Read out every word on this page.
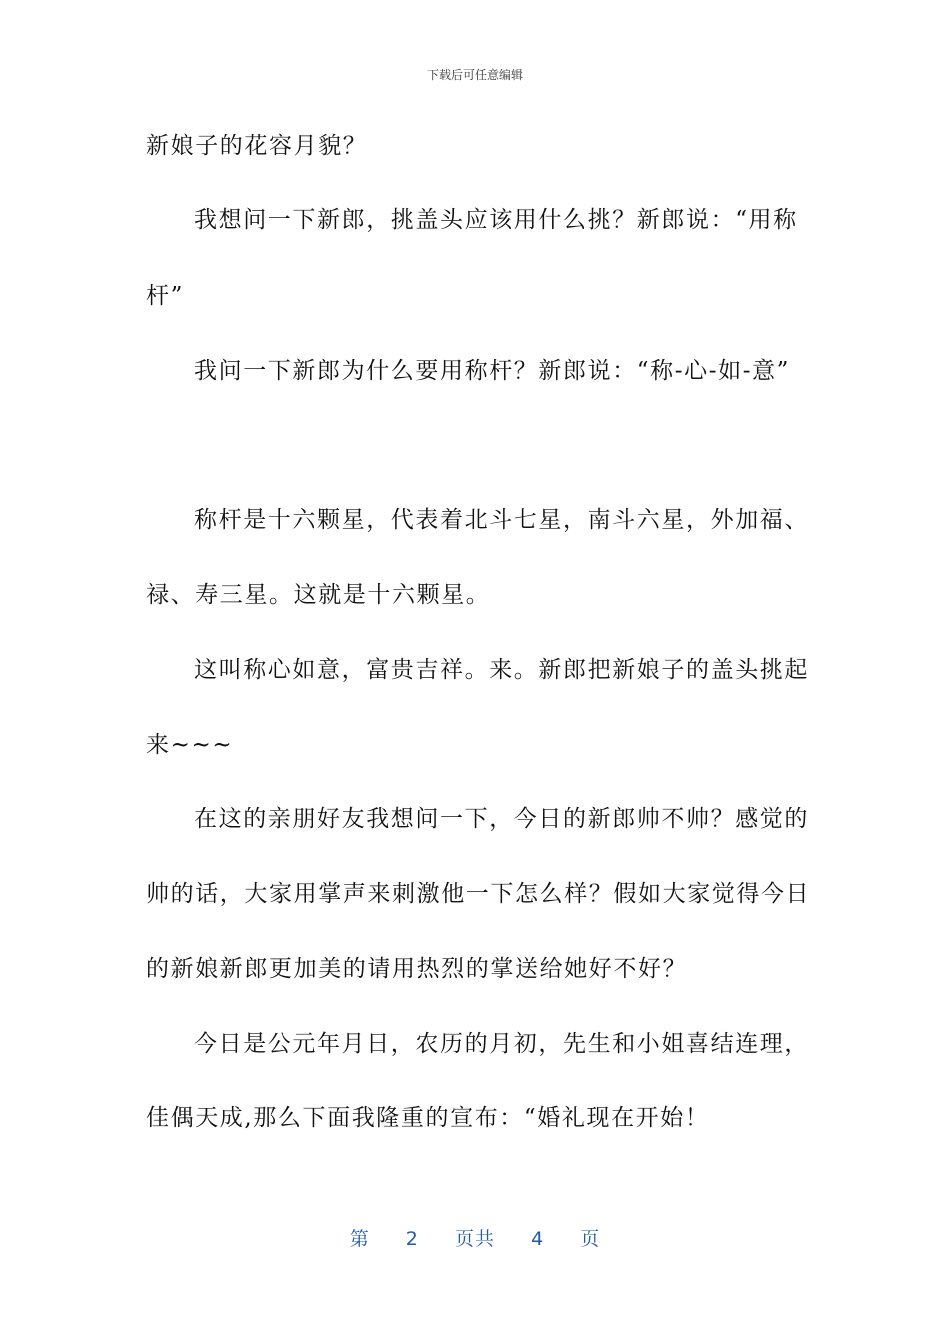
下载后可任意编辑
新娘子的花容月貌？
我想问一下新郎，挑盖头应该用什么挑？新郎说：“用称
杆”
我问一下新郎为什么要用称杆？新郎说：“称-心-如-意”
称杆是十六颗星，代表着北斗七星，南斗六星，外加福、
禄、寿三星。这就是十六颗星。
这叫称心如意，富贵吉祥。来。新郎把新娘子的盖头挑起
来~~~
在这的亲朋好友我想问一下，今日的新郎帅不帅？感觉的
帅的话，大家用掌声来刺激他一下怎么样？假如大家觉得今日
的新娘新郎更加美的请用热烈的掌送给她好不好？
今日是公元年月日，农历的月初，先生和小姐喜结连理，
佳偶天成,那么下面我隆重的宣布：“婚礼现在开始！
第 2 页共 4 页
